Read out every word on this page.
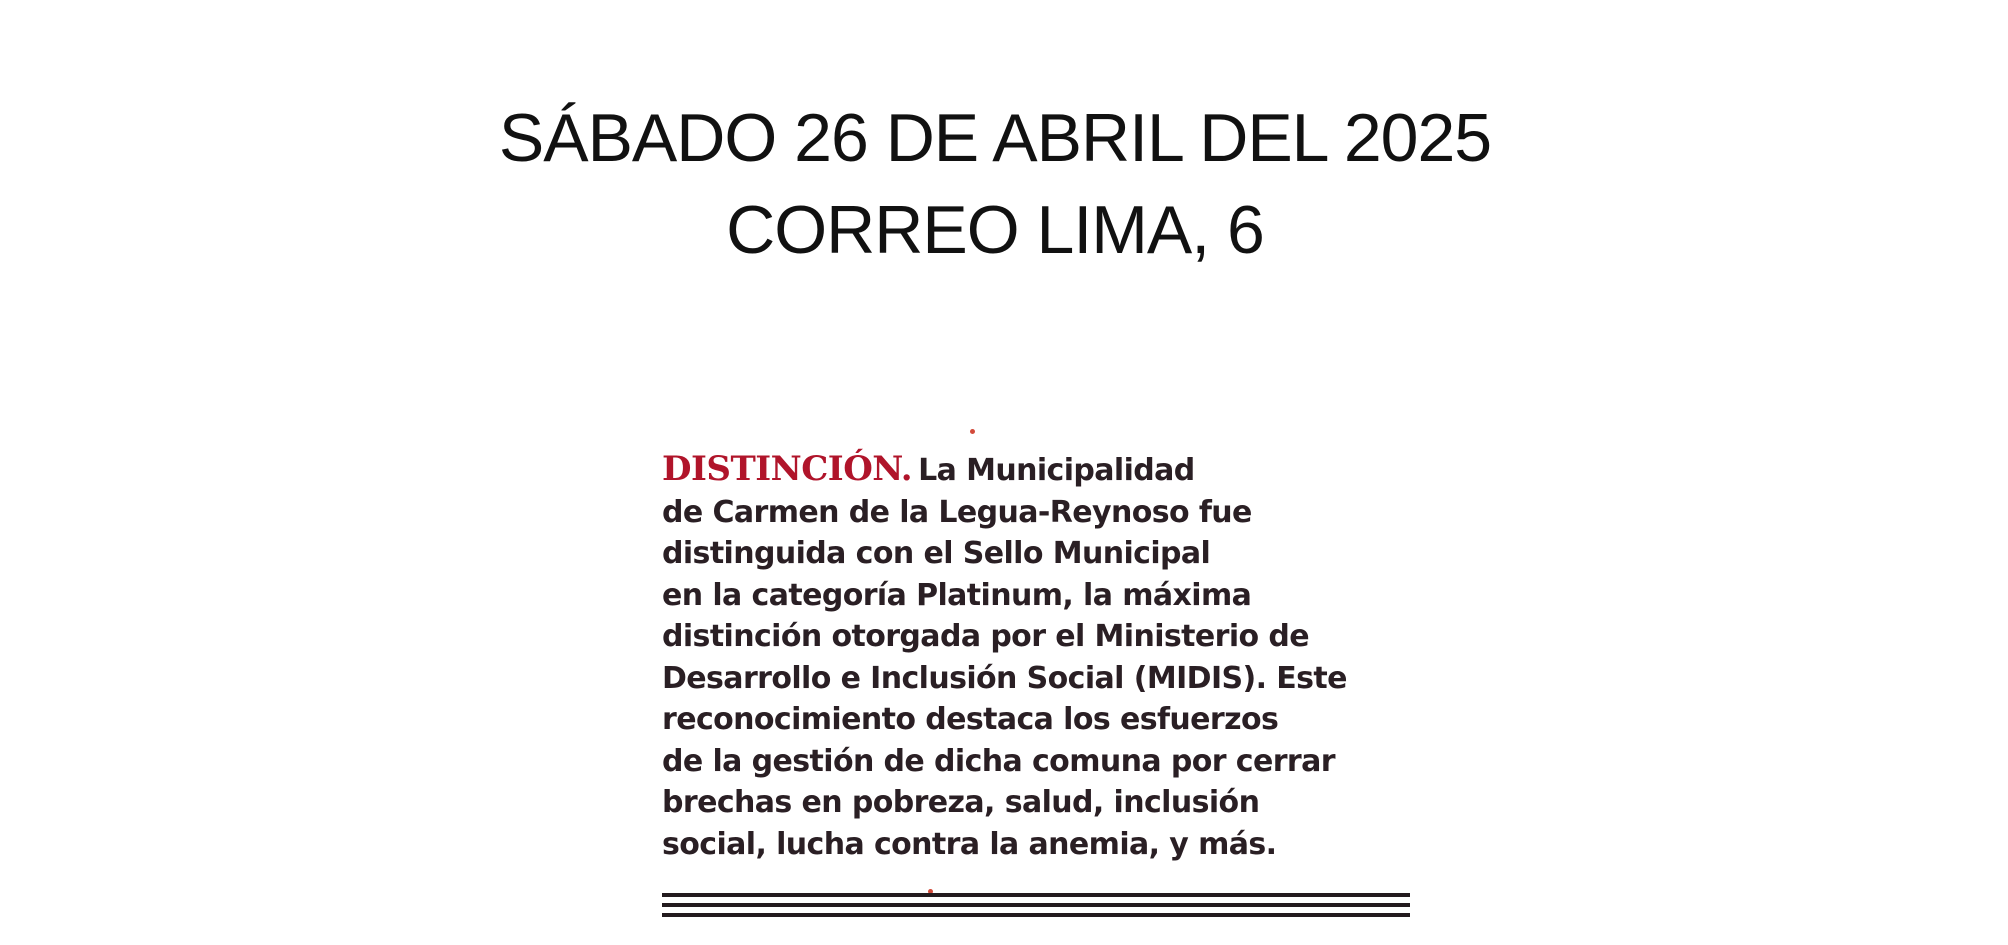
SÁBADO 26 DE ABRIL DEL 2025
CORREO LIMA, 6
DISTINCIÓN. La Municipalidad
de Carmen de la Legua-Reynoso fue
distinguida con el Sello Municipal
en la categoría Platinum, la máxima
distinción otorgada por el Ministerio de
Desarrollo e Inclusión Social (MIDIS). Este
reconocimiento destaca los esfuerzos
de la gestión de dicha comuna por cerrar
brechas en pobreza, salud, inclusión
social, lucha contra la anemia, y más.
